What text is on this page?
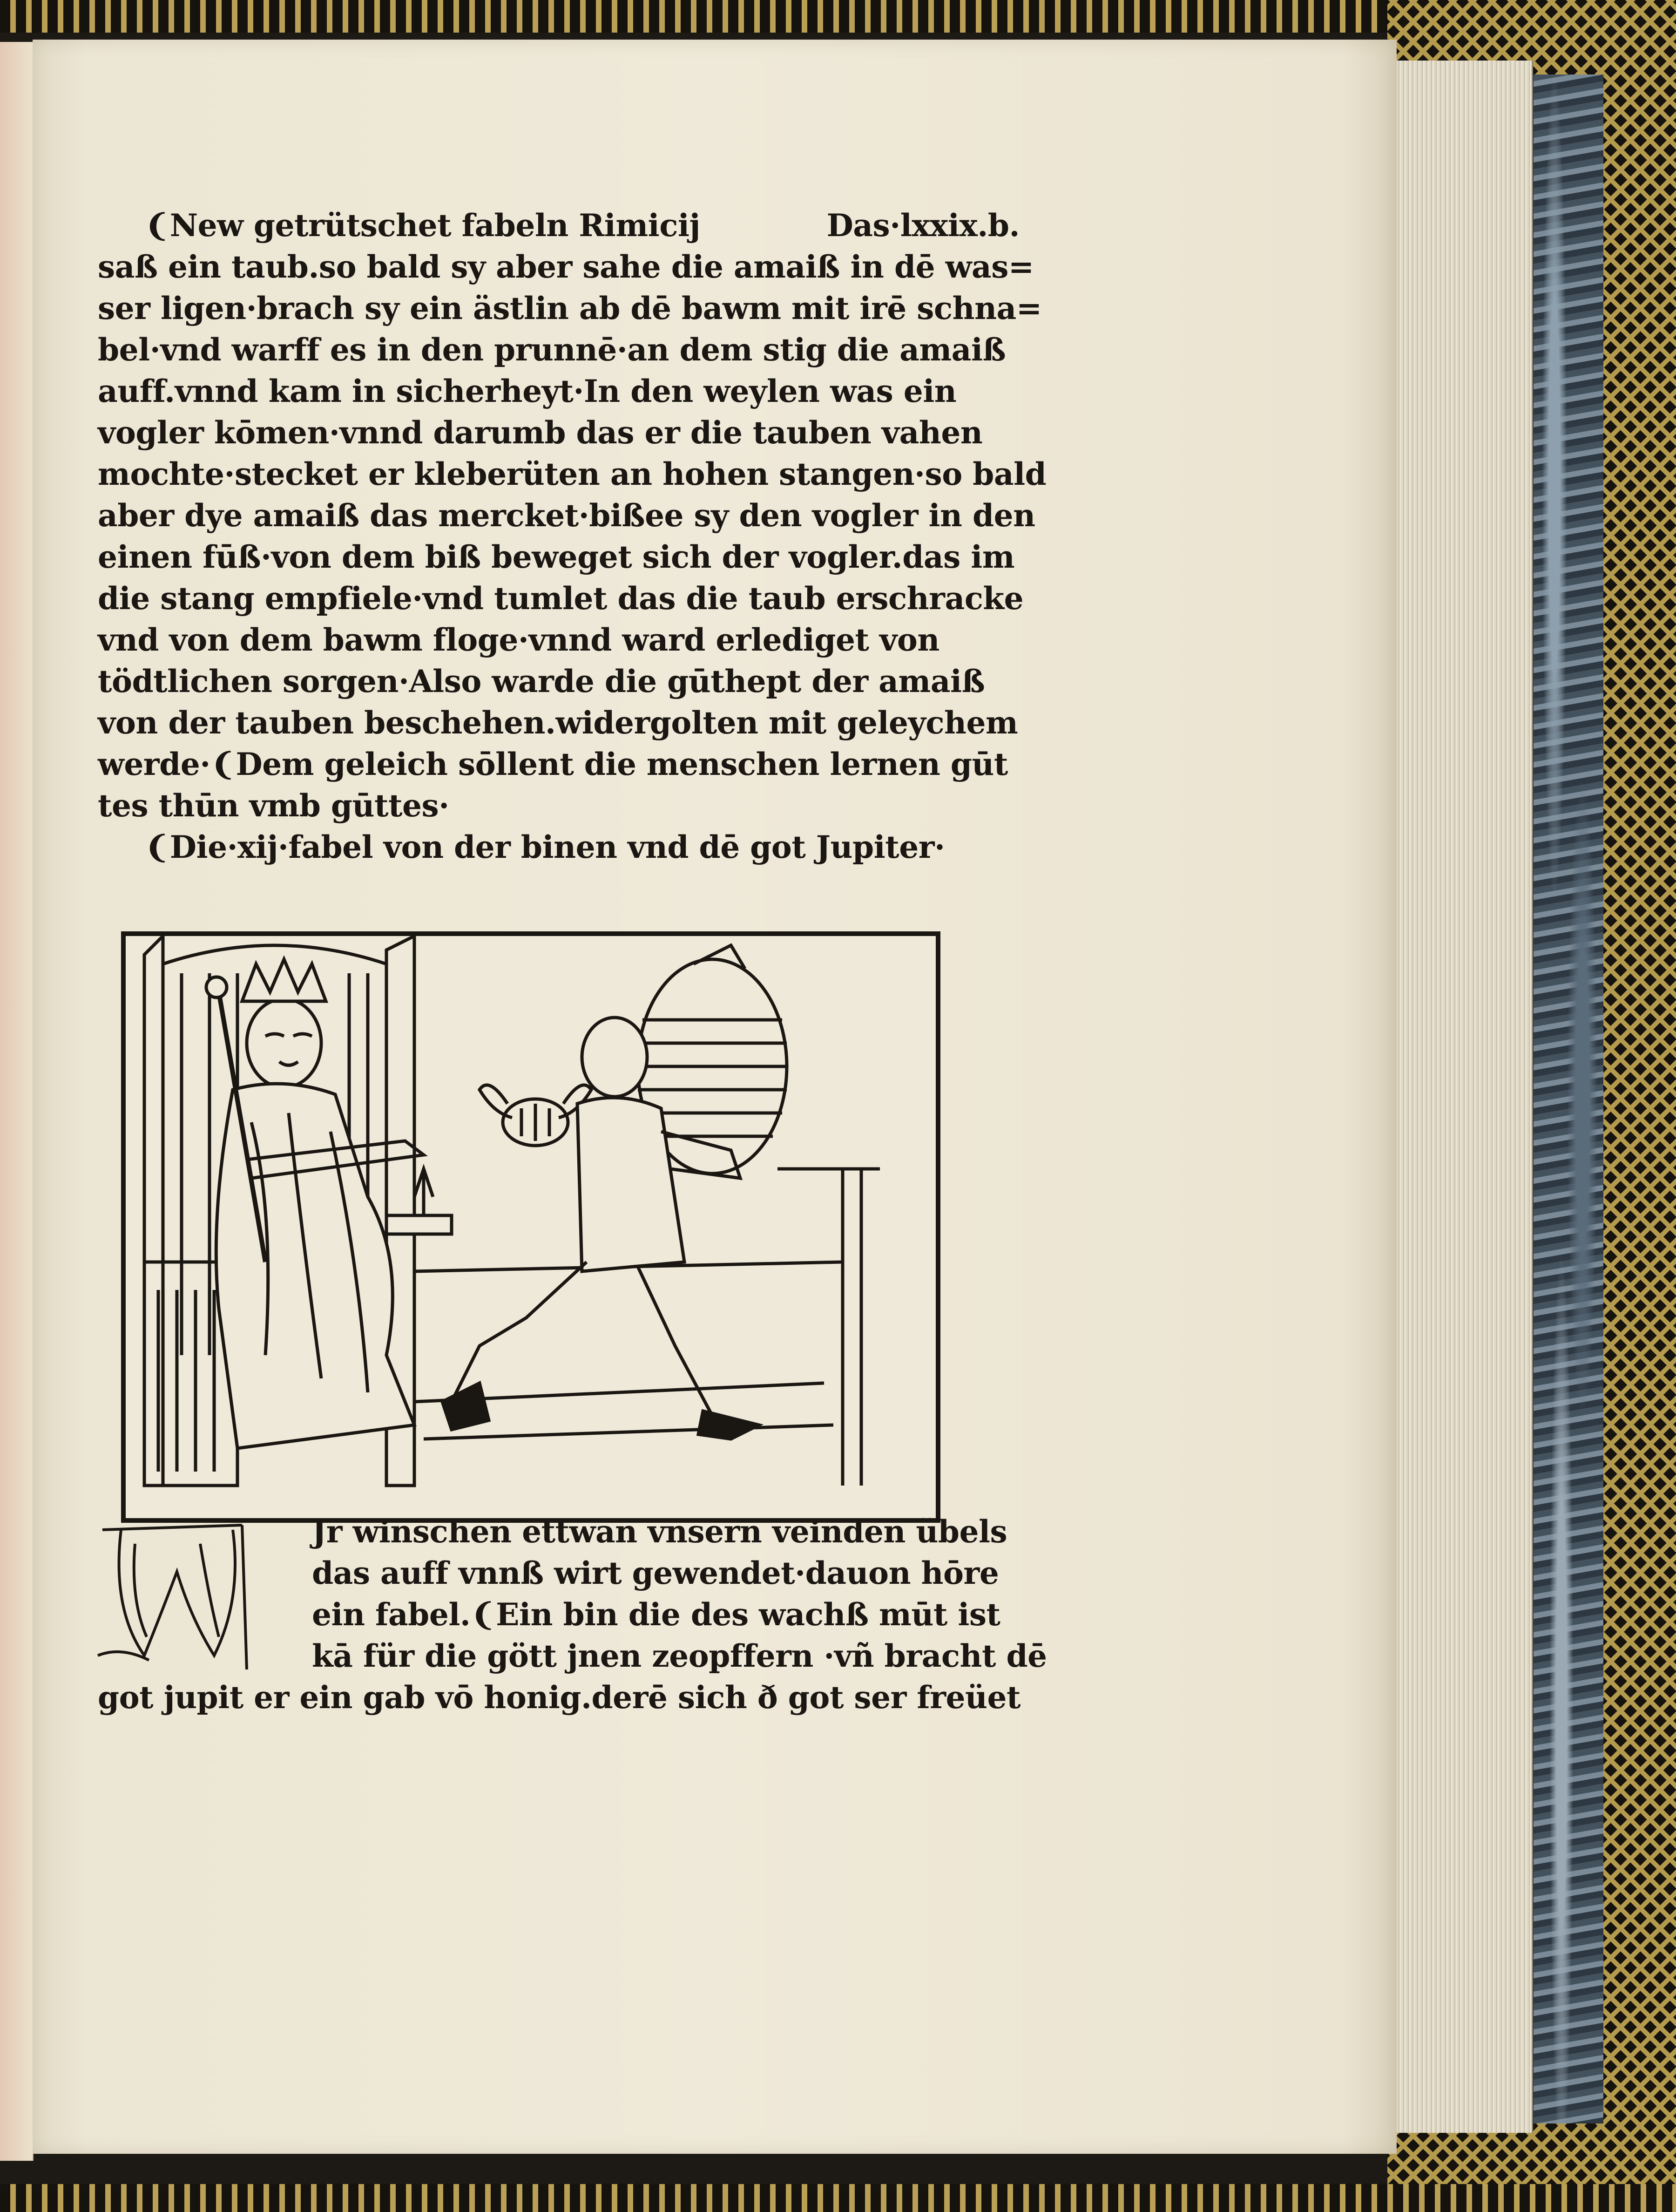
❨New getrütschet fabeln Rimicij	Das·lxxix.b.
saß ein taub.so bald sy aber sahe die amaiß in dē was=
ser ligen·brach sy ein ästlin ab dē bawm mit irē schna=
bel·vnd warff es in den prunnē·an dem stig die amaiß
auff.vnnd kam in sicherheyt·In den weylen was ein
vogler kōmen·vnnd darumb das er die tauben vahen
mochte·stecket er kleberüten an hohen stangen·so bald
aber dye amaiß das mercket·bißee sy den vogler in den
einen fūß·von dem biß beweget sich der vogler.das im
die stang empfiele·vnd tumlet das die taub erschracke
vnd von dem bawm floge·vnnd ward erlediget von
tödtlichen sorgen·Also warde die gūthept der amaiß
von der tauben beschehen.widergolten mit geleychem
werde·❨Dem geleich sōllent die menschen lernen gūt
tes thūn vmb gūttes·
❨Die·xij·fabel von der binen vnd dē got Jupiter·
Jr winschen ettwan vnsern veinden übels
das auff vnnß wirt gewendet·dauon hōre
ein fabel.❨Ein bin die des wachß mūt ist
kā für die gött jnen zeopffern ·vñ bracht dē
got jupit er ein gab vō honig.derē sich ð got ser freüet
